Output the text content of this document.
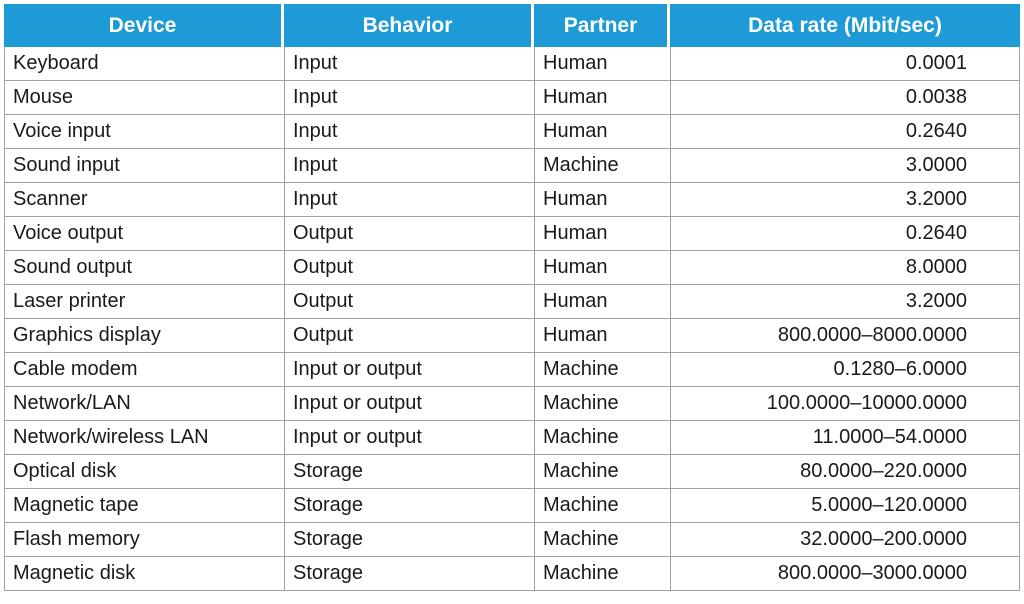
Device	Behavior	Partner	Data rate (Mbit/sec)
Keyboard	Input	Human	0.0001
Mouse	Input	Human	0.0038
Voice input	Input	Human	0.2640
Sound input	Input	Machine	3.0000
Scanner	Input	Human	3.2000
Voice output	Output	Human	0.2640
Sound output	Output	Human	8.0000
Laser printer	Output	Human	3.2000
Graphics display	Output	Human	800.0000–8000.0000
Cable modem	Input or output	Machine	0.1280–6.0000
Network/LAN	Input or output	Machine	100.0000–10000.0000
Network/wireless LAN	Input or output	Machine	11.0000–54.0000
Optical disk	Storage	Machine	80.0000–220.0000
Magnetic tape	Storage	Machine	5.0000–120.0000
Flash memory	Storage	Machine	32.0000–200.0000
Magnetic disk	Storage	Machine	800.0000–3000.0000
